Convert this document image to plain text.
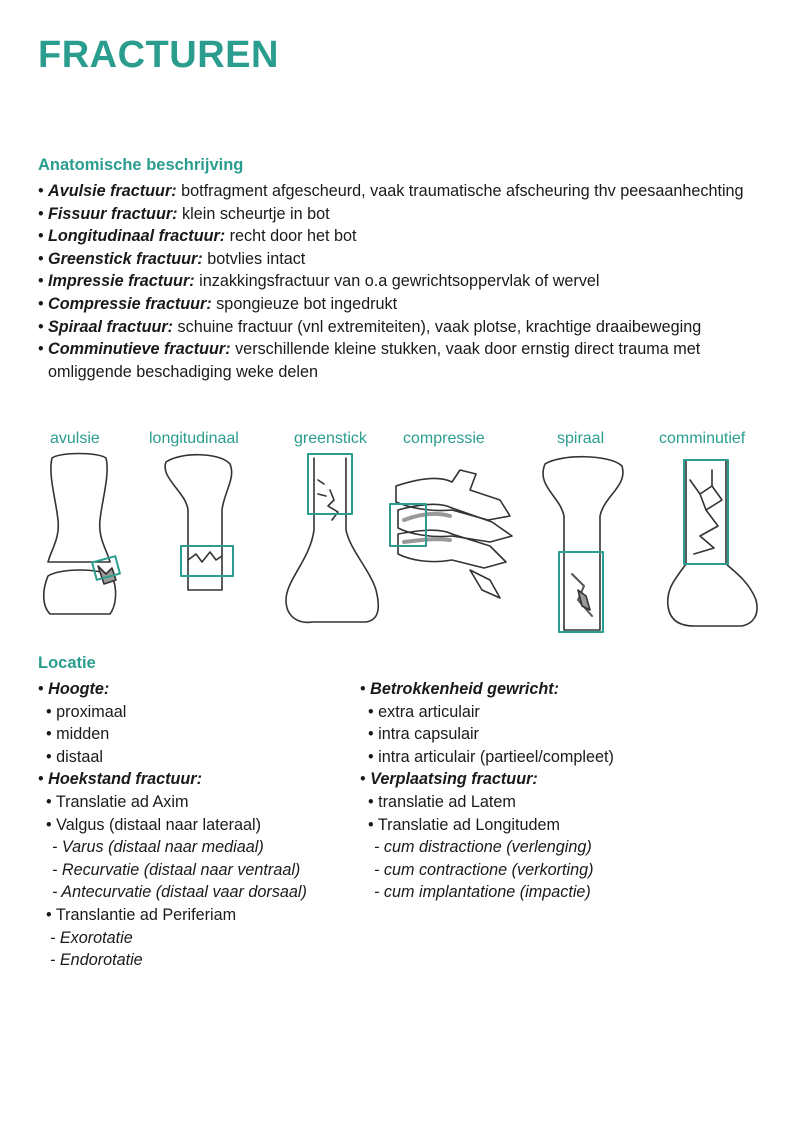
FRACTUREN
Anatomische beschrijving
• Avulsie fractuur: botfragment afgescheurd, vaak traumatische afscheuring thv peesaanhechting
• Fissuur fractuur: klein scheurtje in bot
• Longitudinaal fractuur: recht door het bot
• Greenstick fractuur: botvlies intact
• Impressie fractuur: inzakkingsfractuur van o.a gewrichtsoppervlak of wervel
• Compressie fractuur: spongieuze bot ingedrukt
• Spiraal fractuur: schuine fractuur (vnl extremiteiten), vaak plotse, krachtige draaibeweging
• Comminutieve fractuur: verschillende kleine stukken, vaak door ernstig direct trauma met omliggende beschadiging weke delen
avulsie	longitudinaal	greenstick compressie	spiraal	comminutief
Locatie
• Hoogte:
• proximaal
• midden
• distaal
• Hoekstand fractuur:
• Translatie ad Axim
• Valgus (distaal naar lateraal)
- Varus (distaal naar mediaal)
- Recurvatie (distaal naar ventraal)
- Antecurvatie (distaal vaar dorsaal)
• Translantie ad Periferiam
- Exorotatie
- Endorotatie
• Betrokkenheid gewricht:
• extra articulair
• intra capsulair
• intra articulair (partieel/compleet)
• Verplaatsing fractuur:
• translatie ad Latem
• Translatie ad Longitudem
- cum distractione (verlenging)
- cum contractione (verkorting)
- cum implantatione (impactie)
